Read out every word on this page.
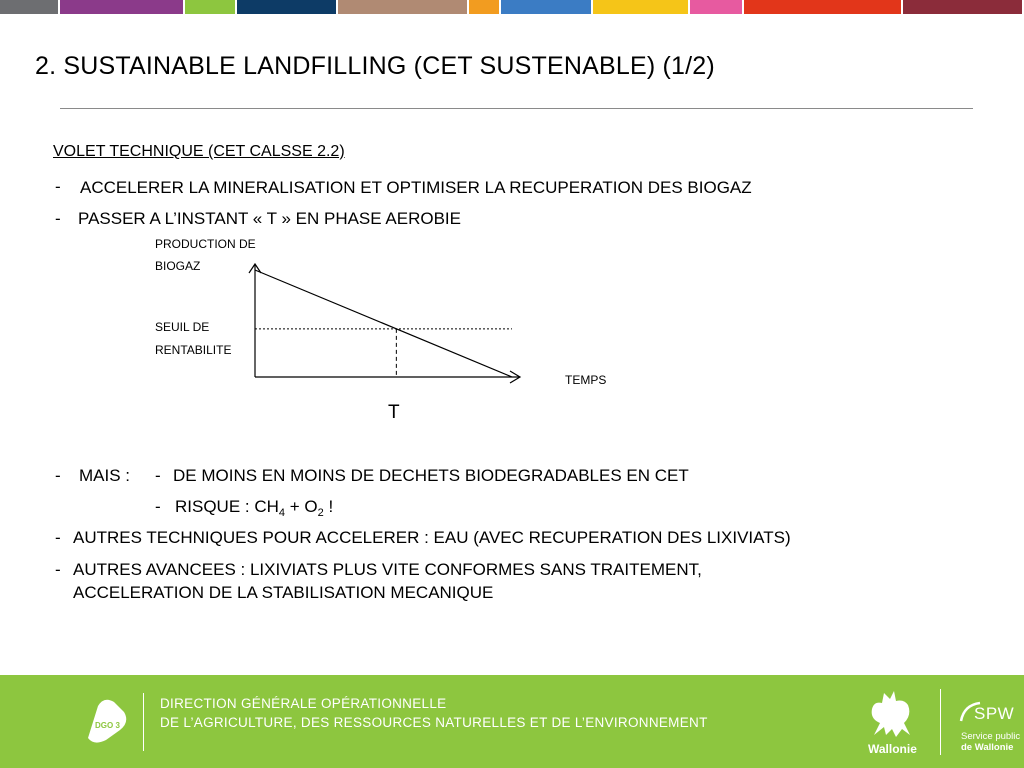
2. SUSTAINABLE LANDFILLING (CET SUSTENABLE) (1/2)
VOLET TECHNIQUE (CET CALSSE 2.2)
- ACCELERER LA MINERALISATION ET OPTIMISER LA RECUPERATION DES BIOGAZ
- PASSER A L’INSTANT « T » EN PHASE AEROBIE
PRODUCTION DE
BIOGAZ
SEUIL DE
RENTABILITE
TEMPS
T
- MAIS : - DE MOINS EN MOINS DE DECHETS BIODEGRADABLES EN CET
- RISQUE : $CH_4 + O_2$ !
- AUTRES TECHNIQUES POUR ACCELERER : EAU (AVEC RECUPERATION DES LIXIVIATS)
- AUTRES AVANCEES : LIXIVIATS PLUS VITE CONFORMES SANS TRAITEMENT,
ACCELERATION DE LA STABILISATION MECANIQUE
DGO 3
DIRECTION GÉNÉRALE OPÉRATIONNELLE
DE L’AGRICULTURE, DES RESSOURCES NATURELLES ET DE L’ENVIRONNEMENT
Wallonie
SPW
Service public
de Wallonie
